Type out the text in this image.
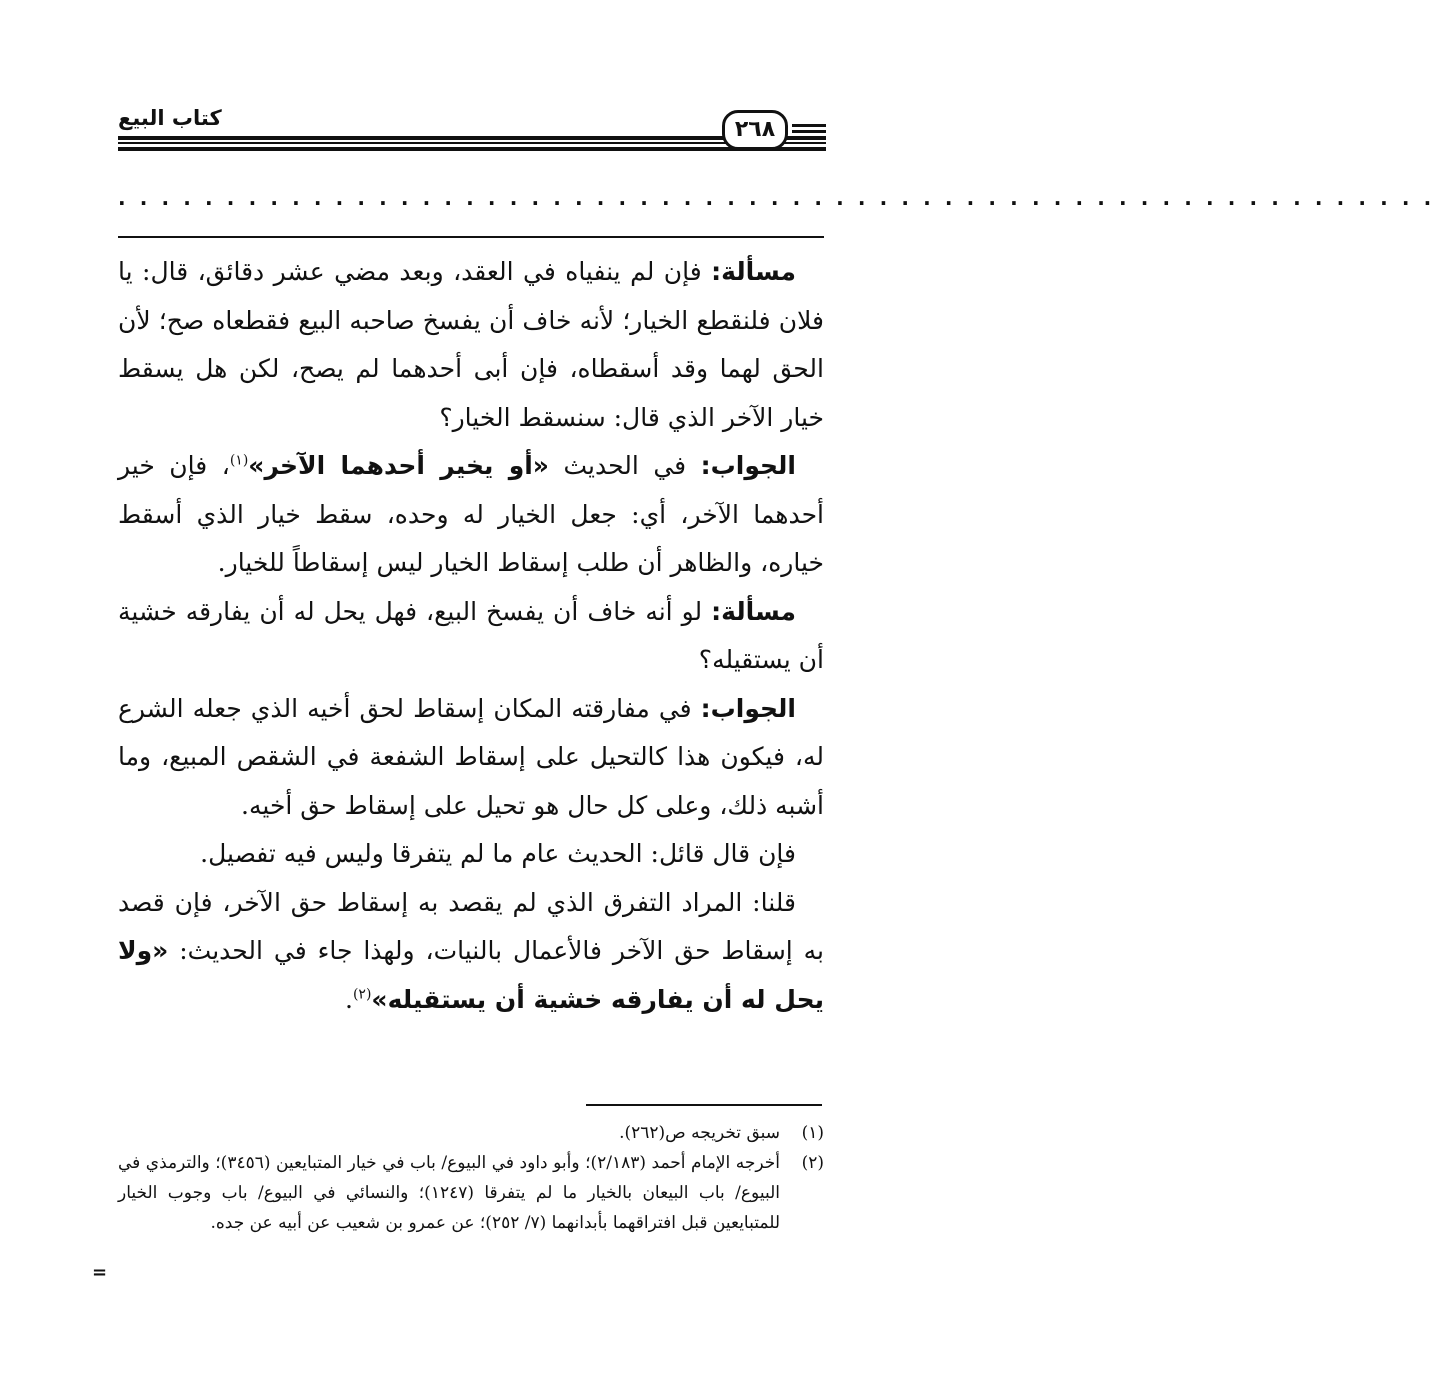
كتاب البيع	٢٦٨
. . . . . . . . . . . . . . . . . . . . . . . . . . . . . . . . . . . . . . . . . . . . . . . . . . . . . . . . . . . . .

مسألة: فإن لم ينفياه في العقد، وبعد مضي عشر دقائق، قال: يا فلان فلنقطع الخيار؛ لأنه خاف أن يفسخ صاحبه البيع فقطعاه صح؛ لأن الحق لهما وقد أسقطاه، فإن أبى أحدهما لم يصح، لكن هل يسقط خيار الآخر الذي قال: سنسقط الخيار؟

الجواب: في الحديث «أو يخير أحدهما الآخر»$^{(١)}$، فإن خير أحدهما الآخر، أي: جعل الخيار له وحده، سقط خيار الذي أسقط خياره، والظاهر أن طلب إسقاط الخيار ليس إسقاطاً للخيار.

مسألة: لو أنه خاف أن يفسخ البيع، فهل يحل له أن يفارقه خشية أن يستقيله؟

الجواب: في مفارقته المكان إسقاط لحق أخيه الذي جعله الشرع له، فيكون هذا كالتحيل على إسقاط الشفعة في الشقص المبيع، وما أشبه ذلك، وعلى كل حال هو تحيل على إسقاط حق أخيه.

فإن قال قائل: الحديث عام ما لم يتفرقا وليس فيه تفصيل.

قلنا: المراد التفرق الذي لم يقصد به إسقاط حق الآخر، فإن قصد به إسقاط حق الآخر فالأعمال بالنيات، ولهذا جاء في الحديث: «ولا يحل له أن يفارقه خشية أن يستقيله»$^{(٢)}$.

(١)
سبق تخريجه ص(٢٦٢).
(٢)
أخرجه الإمام أحمد (٢/١٨٣)؛ وأبو داود في البيوع/ باب في خيار المتبايعين (٣٤٥٦)؛ والترمذي في البيوع/ باب البيعان بالخيار ما لم يتفرقا (١٢٤٧)؛ والنسائي في البيوع/ باب وجوب الخيار للمتبايعين قبل افتراقهما بأبدانهما (٧/ ٢٥٢)؛ عن عمرو بن شعيب عن أبيه عن جده.
=
